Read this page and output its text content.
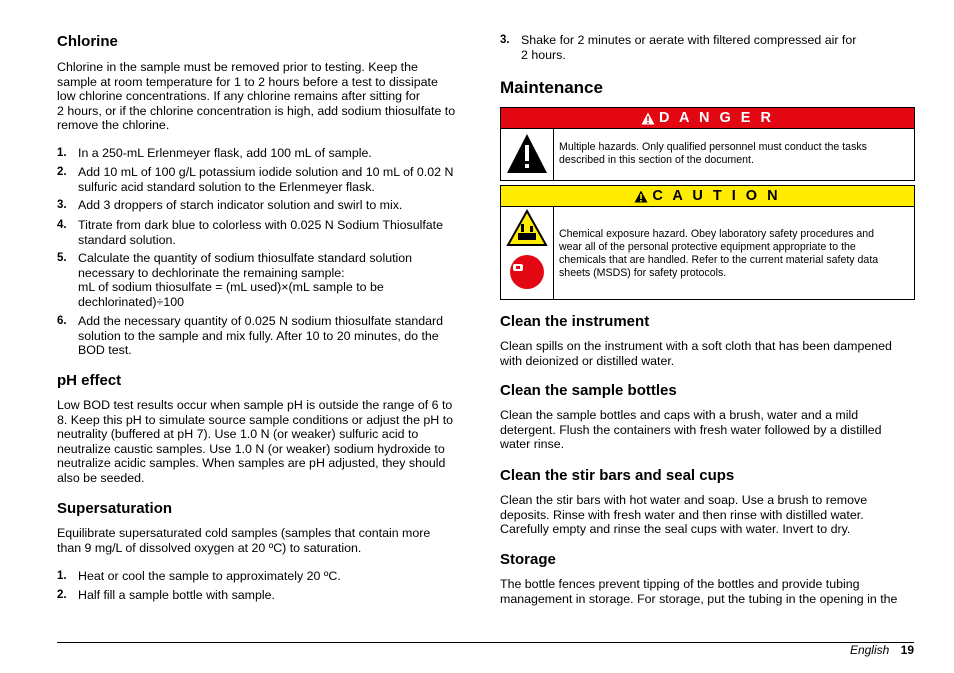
Chlorine
Chlorine in the sample must be removed prior to testing. Keep the
sample at room temperature for 1 to 2 hours before a test to dissipate
low chlorine concentrations. If any chlorine remains after sitting for
2 hours, or if the chlorine concentration is high, add sodium thiosulfate to
remove the chlorine.
1. In a 250-mL Erlenmeyer flask, add 100 mL of sample.
2. Add 10 mL of 100 g/L potassium iodide solution and 10 mL of 0.02 N
sulfuric acid standard solution to the Erlenmeyer flask.
3. Add 3 droppers of starch indicator solution and swirl to mix.
4. Titrate from dark blue to colorless with 0.025 N Sodium Thiosulfate
standard solution.
5. Calculate the quantity of sodium thiosulfate standard solution
necessary to dechlorinate the remaining sample:
mL of sodium thiosulfate = (mL used)×(mL sample to be
dechlorinated)÷100
6. Add the necessary quantity of 0.025 N sodium thiosulfate standard
solution to the sample and mix fully. After 10 to 20 minutes, do the
BOD test.
pH effect
Low BOD test results occur when sample pH is outside the range of 6 to
8. Keep this pH to simulate source sample conditions or adjust the pH to
neutrality (buffered at pH 7). Use 1.0 N (or weaker) sulfuric acid to
neutralize caustic samples. Use 1.0 N (or weaker) sodium hydroxide to
neutralize acidic samples. When samples are pH adjusted, they should
also be seeded.
Supersaturation
Equilibrate supersaturated cold samples (samples that contain more
than 9 mg/L of dissolved oxygen at 20 ºC) to saturation.
1. Heat or cool the sample to approximately 20 ºC.
2. Half fill a sample bottle with sample.
3. Shake for 2 minutes or aerate with filtered compressed air for
2 hours.
Maintenance
D A N G E R
Multiple hazards. Only qualified personnel must conduct the tasks
described in this section of the document.
C A U T I O N
Chemical exposure hazard. Obey laboratory safety procedures and
wear all of the personal protective equipment appropriate to the
chemicals that are handled. Refer to the current material safety data
sheets (MSDS) for safety protocols.
Clean the instrument
Clean spills on the instrument with a soft cloth that has been dampened
with deionized or distilled water.
Clean the sample bottles
Clean the sample bottles and caps with a brush, water and a mild
detergent. Flush the containers with fresh water followed by a distilled
water rinse.
Clean the stir bars and seal cups
Clean the stir bars with hot water and soap. Use a brush to remove
deposits. Rinse with fresh water and then rinse with distilled water.
Carefully empty and rinse the seal cups with water. Invert to dry.
Storage
The bottle fences prevent tipping of the bottles and provide tubing
management in storage. For storage, put the tubing in the opening in the
English 19
